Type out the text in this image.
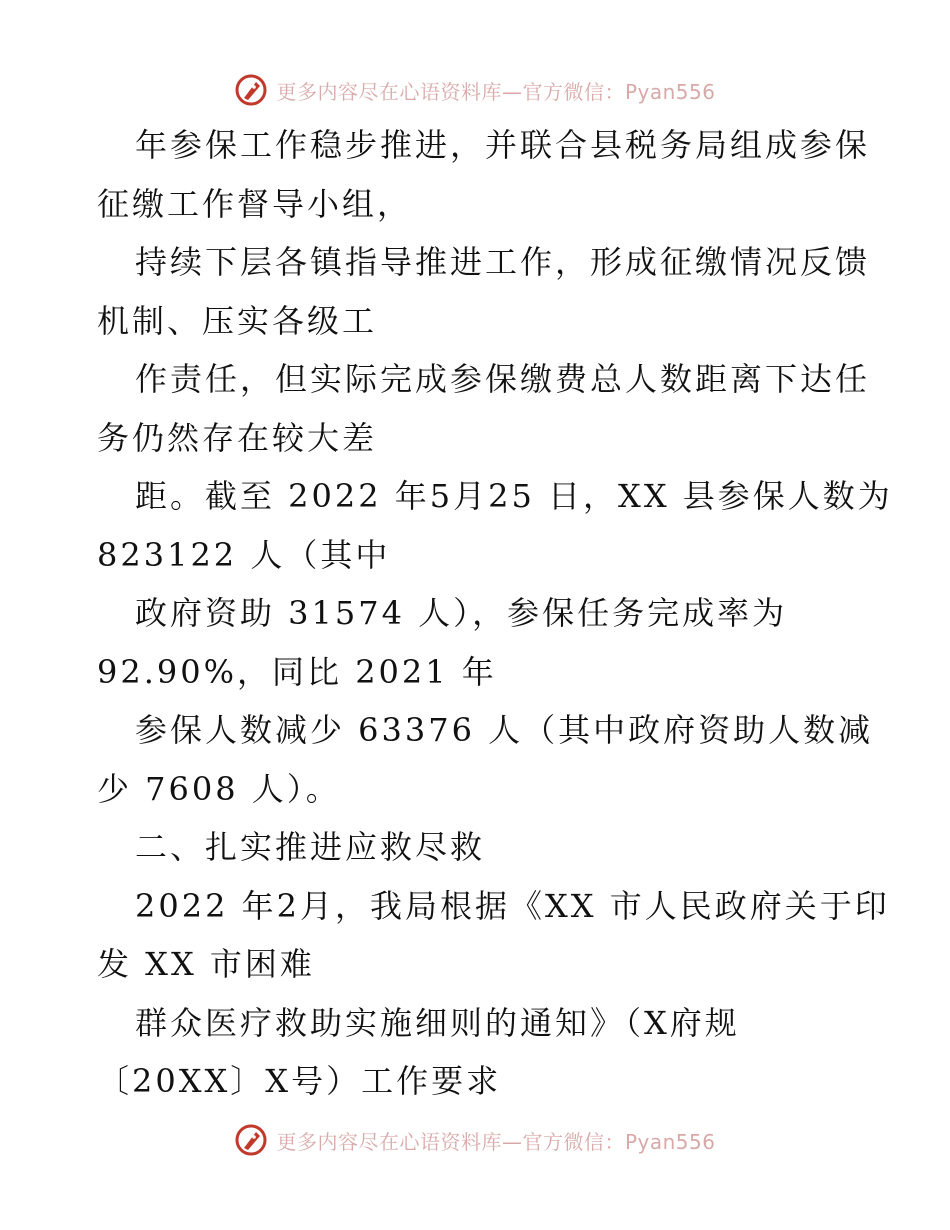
更多内容尽在心语资料库—官方微信：Pyan556
年参保工作稳步推进，并联合县税务局组成参保
征缴工作督导小组，
持续下层各镇指导推进工作，形成征缴情况反馈
机制、压实各级工
作责任，但实际完成参保缴费总人数距离下达任
务仍然存在较大差
距。截至 2022 年5月25 日，XX 县参保人数为
823122 人（其中
政府资助 31574 人），参保任务完成率为
92.90%，同比 2021 年
参保人数减少 63376 人（其中政府资助人数减
少 7608 人）。
二、扎实推进应救尽救
2022 年2月，我局根据《XX 市人民政府关于印
发 XX 市困难
群众医疗救助实施细则的通知》（X府规
〔20XX〕X号）工作要求
更多内容尽在心语资料库—官方微信：Pyan556
